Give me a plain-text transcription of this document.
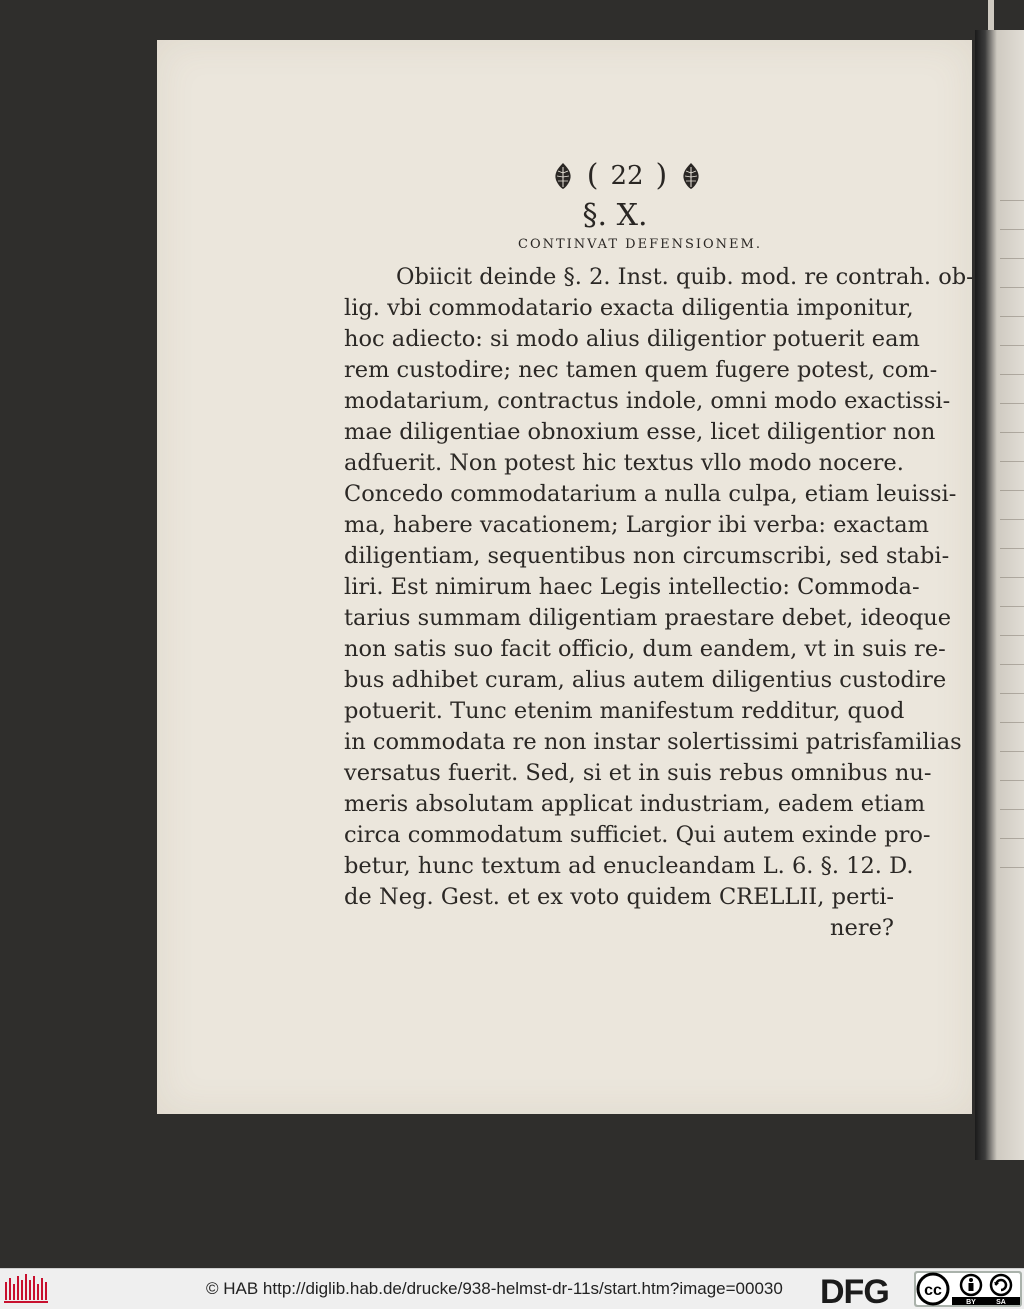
( 22 )
§. X.
CONTINVAT DEFENSIONEM.
Obiicit deinde §. 2. Inst. quib. mod. re contrah. ob-
lig. vbi commodatario exacta diligentia imponitur,
hoc adiecto: si modo alius diligentior potuerit eam
rem custodire; nec tamen quem fugere potest, com-
modatarium, contractus indole, omni modo exactissi-
mae diligentiae obnoxium esse, licet diligentior non
adfuerit. Non potest hic textus vllo modo nocere.
Concedo commodatarium a nulla culpa, etiam leuissi-
ma, habere vacationem; Largior ibi verba: exactam
diligentiam, sequentibus non circumscribi, sed stabi-
liri. Est nimirum haec Legis intellectio: Commoda-
tarius summam diligentiam praestare debet, ideoque
non satis suo facit officio, dum eandem, vt in suis re-
bus adhibet curam, alius autem diligentius custodire
potuerit. Tunc etenim manifestum redditur, quod
in commodata re non instar solertissimi patrisfamilias
versatus fuerit. Sed, si et in suis rebus omnibus nu-
meris absolutam applicat industriam, eadem etiam
circa commodatum sufficiet. Qui autem exinde pro-
betur, hunc textum ad enucleandam L. 6. §. 12. D.
de Neg. Gest. et ex voto quidem CRELLII, perti-
nere?
© HAB http://diglib.hab.de/drucke/938-helmst-dr-11s/start.htm?image=00030 DFG cc
BY	SA
